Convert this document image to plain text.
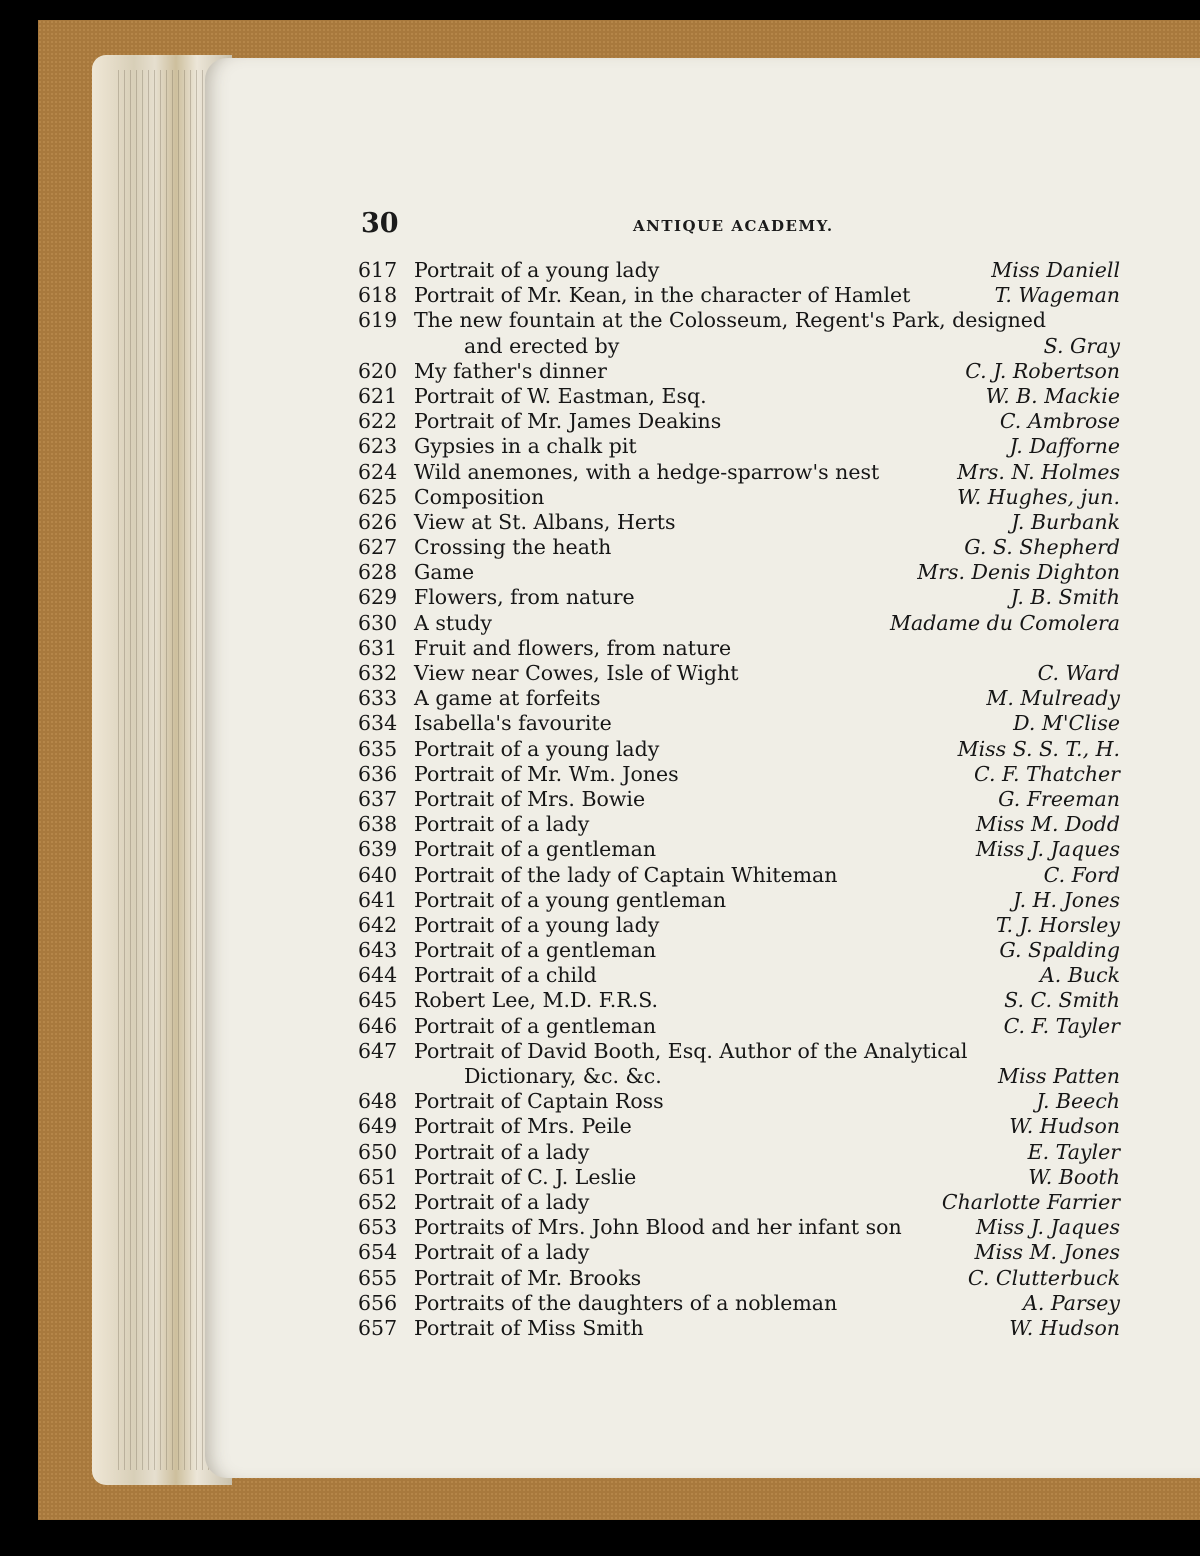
30	ANTIQUE ACADEMY.
617 Portrait of a young lady	Miss Daniell
618 Portrait of Mr. Kean, in the character of Hamlet	T. Wageman
619 The new fountain at the Colosseum, Regent's Park, designed
and erected by	S. Gray
620 My father's dinner	C. J. Robertson
621 Portrait of W. Eastman, Esq.	W. B. Mackie
622 Portrait of Mr. James Deakins	C. Ambrose
623 Gypsies in a chalk pit	J. Dafforne
624 Wild anemones, with a hedge-sparrow's nest	Mrs. N. Holmes
625 Composition	W. Hughes, jun.
626 View at St. Albans, Herts	J. Burbank
627 Crossing the heath	G. S. Shepherd
628 Game	Mrs. Denis Dighton
629 Flowers, from nature	J. B. Smith
630 A study	Madame du Comolera
631 Fruit and flowers, from nature
632 View near Cowes, Isle of Wight	C. Ward
633 A game at forfeits	M. Mulready
634 Isabella's favourite	D. M'Clise
635 Portrait of a young lady	Miss S. S. T., H.
636 Portrait of Mr. Wm. Jones	C. F. Thatcher
637 Portrait of Mrs. Bowie	G. Freeman
638 Portrait of a lady	Miss M. Dodd
639 Portrait of a gentleman	Miss J. Jaques
640 Portrait of the lady of Captain Whiteman	C. Ford
641 Portrait of a young gentleman	J. H. Jones
642 Portrait of a young lady	T. J. Horsley
643 Portrait of a gentleman	G. Spalding
644 Portrait of a child	A. Buck
645 Robert Lee, M.D. F.R.S.	S. C. Smith
646 Portrait of a gentleman	C. F. Tayler
647 Portrait of David Booth, Esq. Author of the Analytical
Dictionary, &c. &c.	Miss Patten
648 Portrait of Captain Ross	J. Beech
649 Portrait of Mrs. Peile	W. Hudson
650 Portrait of a lady	E. Tayler
651 Portrait of C. J. Leslie	W. Booth
652 Portrait of a lady	Charlotte Farrier
653 Portraits of Mrs. John Blood and her infant son	Miss J. Jaques
654 Portrait of a lady	Miss M. Jones
655 Portrait of Mr. Brooks	C. Clutterbuck
656 Portraits of the daughters of a nobleman	A. Parsey
657 Portrait of Miss Smith	W. Hudson
